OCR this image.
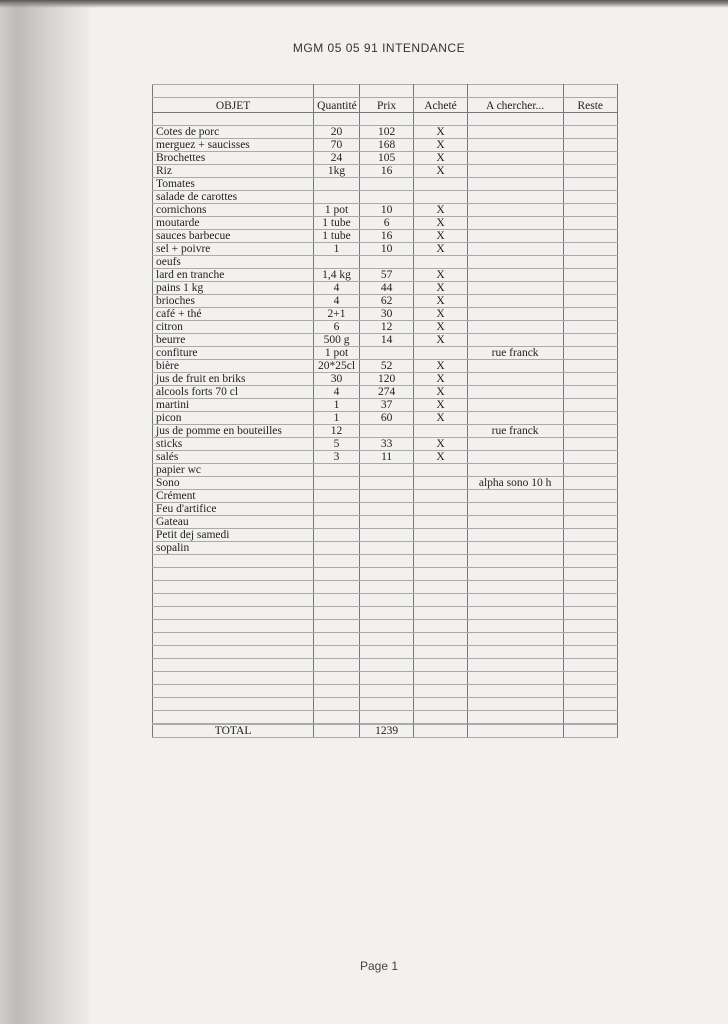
MGM 05 05 91 INTENDANCE

OBJET	Quantité	Prix	Acheté	A chercher...	Reste

Cotes de porc	20	102	X		
merguez + saucisses	70	168	X		
Brochettes	24	105	X		
Riz	1kg	16	X		
Tomates					
salade de carottes					
cornichons	1 pot	10	X		
moutarde	1 tube	6	X		
sauces barbecue	1 tube	16	X		
sel + poivre	1	10	X		
oeufs					
lard en tranche	1,4 kg	57	X		
pains 1 kg	4	44	X		
brioches	4	62	X		
café + thé	2+1	30	X		
citron	6	12	X		
beurre	500 g	14	X		
confiture	1 pot			rue franck	
bière	20*25cl	52	X		
jus de fruit en briks	30	120	X		
alcools forts 70 cl	4	274	X		
martini	1	37	X		
picon	1	60	X		
jus de pomme en bouteilles	12			rue franck	
sticks	5	33	X		
salés	3	11	X		
papier wc					
Sono				alpha sono 10 h	
Crément					
Feu d'artifice					
Gateau					
Petit dej samedi					
sopalin					

TOTAL		1239			
Page 1
